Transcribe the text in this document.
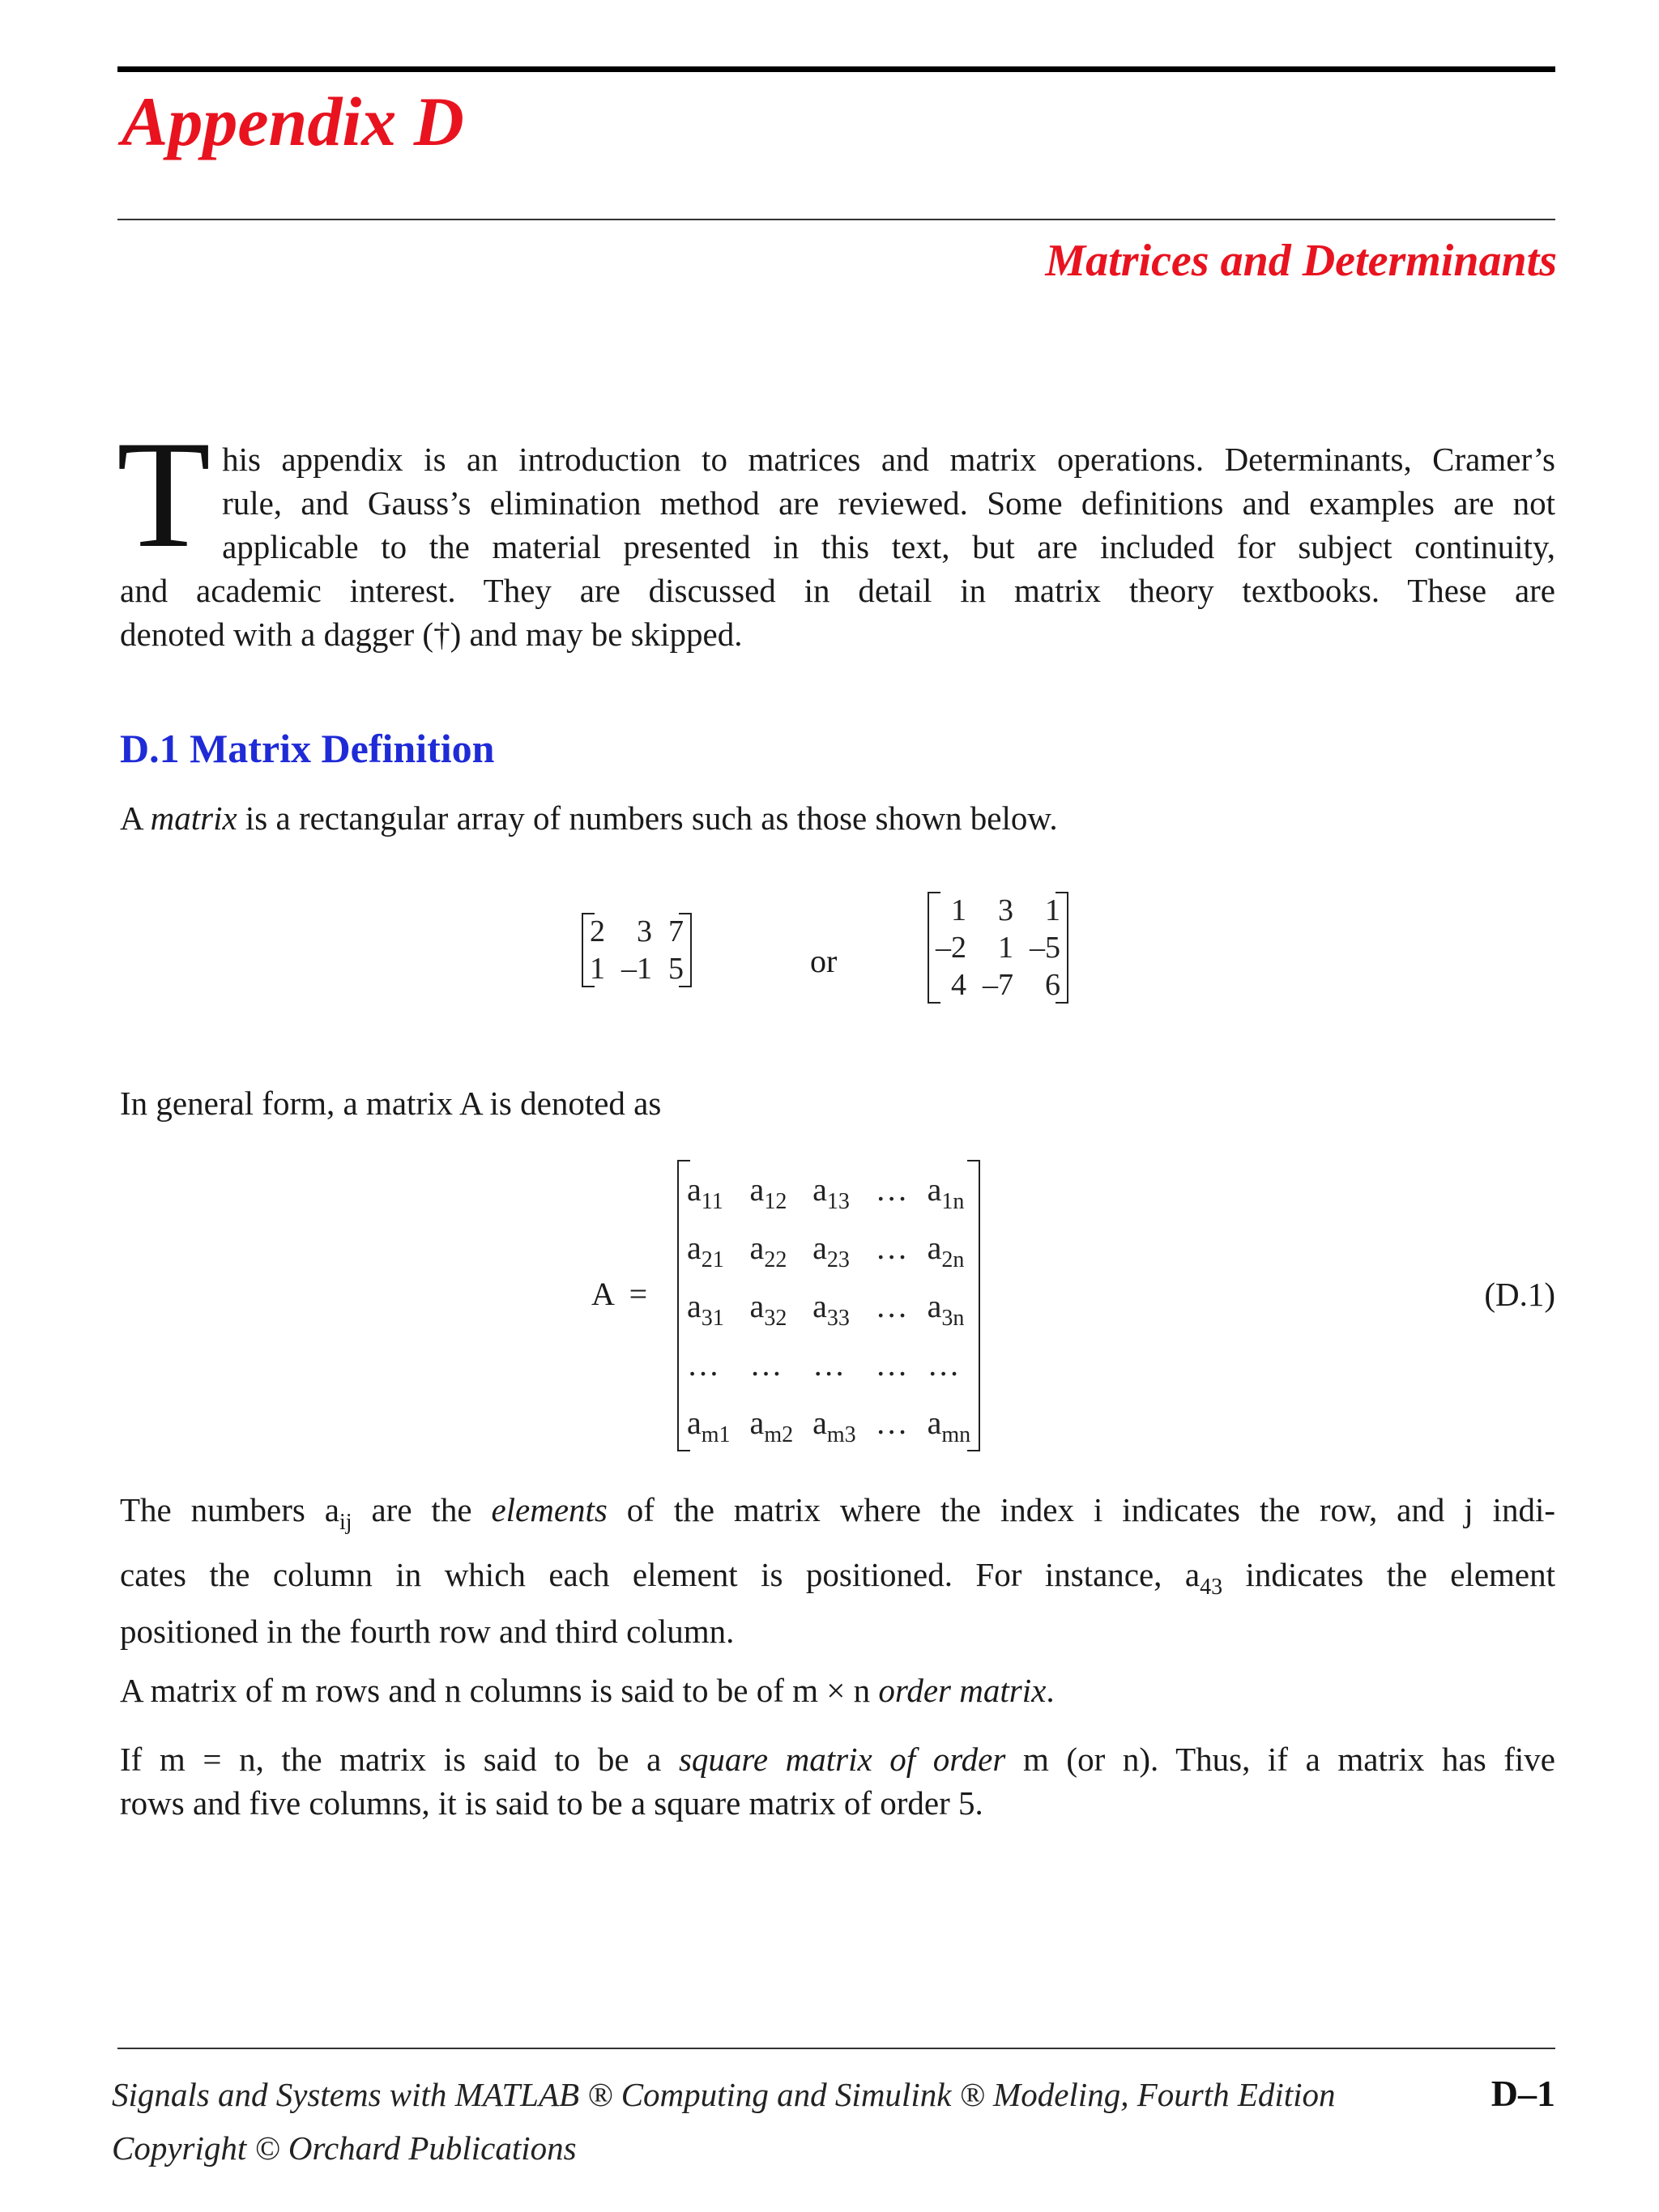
Appendix D
Matrices and Determinants
T his appendix is an introduction to matrices and matrix operations. Determinants, Cramer’s
rule, and Gauss’s elimination method are reviewed. Some definitions and examples are not
applicable to the material presented in this text, but are included for subject continuity,
and academic interest. They are discussed in detail in matrix theory textbooks. These are
denoted with a dagger (†) and may be skipped.
D.1 Matrix Definition
A matrix is a rectangular array of numbers such as those shown below.
2	3	7
1	–1	5	or
1	3	1
–2	1	–5
4	–7	6
In general form, a matrix A is denoted as
A  =
$a_{11}$	$a_{12}$	$a_{13}$	…	$a_{1n}$
$a_{21}$	$a_{22}$	$a_{23}$	…	$a_{2n}$
$a_{31}$	$a_{32}$	$a_{33}$	…	$a_{3n}$
…	…	…	…	…
$a_{m1}$	$a_{m2}$	$a_{m3}$	…	$a_{mn}$
(D.1)
The numbers $a_{ij}$ are the elements of the matrix where the index i indicates the row, and j indi-
cates the column in which each element is positioned. For instance, $a_{43}$ indicates the element
positioned in the fourth row and third column.
A matrix of m rows and n columns is said to be of m × n order matrix.
If m = n, the matrix is said to be a square matrix of order m (or n). Thus, if a matrix has five
rows and five columns, it is said to be a square matrix of order 5.
Signals and Systems with MATLAB ® Computing and Simulink ® Modeling, Fourth Edition	D–1
Copyright © Orchard Publications
